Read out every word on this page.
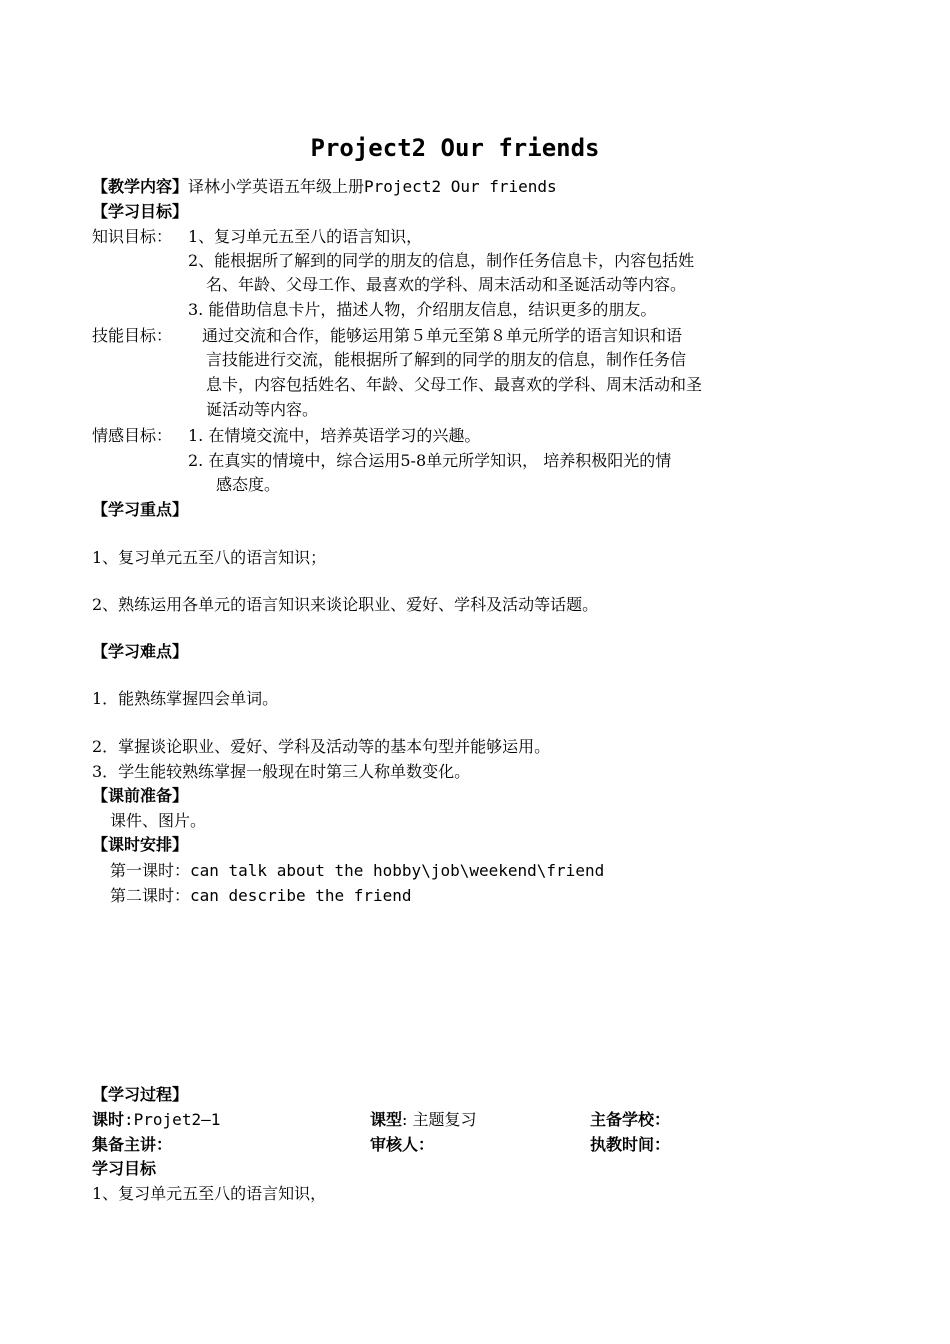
Project2 Our friends
【教学内容】译林小学英语五年级上册Project2 Our friends
【学习目标】
知识目标： 1、复习单元五至八的语言知识，
2、能根据所了解到的同学的朋友的信息，制作任务信息卡，内容包括姓
名、年龄、父母工作、最喜欢的学科、周末活动和圣诞活动等内容。
3. 能借助信息卡片，描述人物，介绍朋友信息，结识更多的朋友。
技能目标： 通过交流和合作，能够运用第５单元至第８单元所学的语言知识和语
言技能进行交流，能根据所了解到的同学的朋友的信息，制作任务信
息卡，内容包括姓名、年龄、父母工作、最喜欢的学科、周末活动和圣
诞活动等内容。
情感目标： 1. 在情境交流中，培养英语学习的兴趣。
2. 在真实的情境中，综合运用5-8单元所学知识， 培养积极阳光的情
感态度。
【学习重点】
1、复习单元五至八的语言知识；
2、熟练运用各单元的语言知识来谈论职业、爱好、学科及活动等话题。
【学习难点】
1．能熟练掌握四会单词。
2．掌握谈论职业、爱好、学科及活动等的基本句型并能够运用。
3．学生能较熟练掌握一般现在时第三人称单数变化。
【课前准备】
课件、图片。
【课时安排】
第一课时：can talk about the hobby\job\weekend\friend
第二课时：can describe the friend
【学习过程】
课时:Projet2—1	课型: 主题复习	主备学校：
集备主讲：	审核人：	执教时间：
学习目标
1、复习单元五至八的语言知识，
